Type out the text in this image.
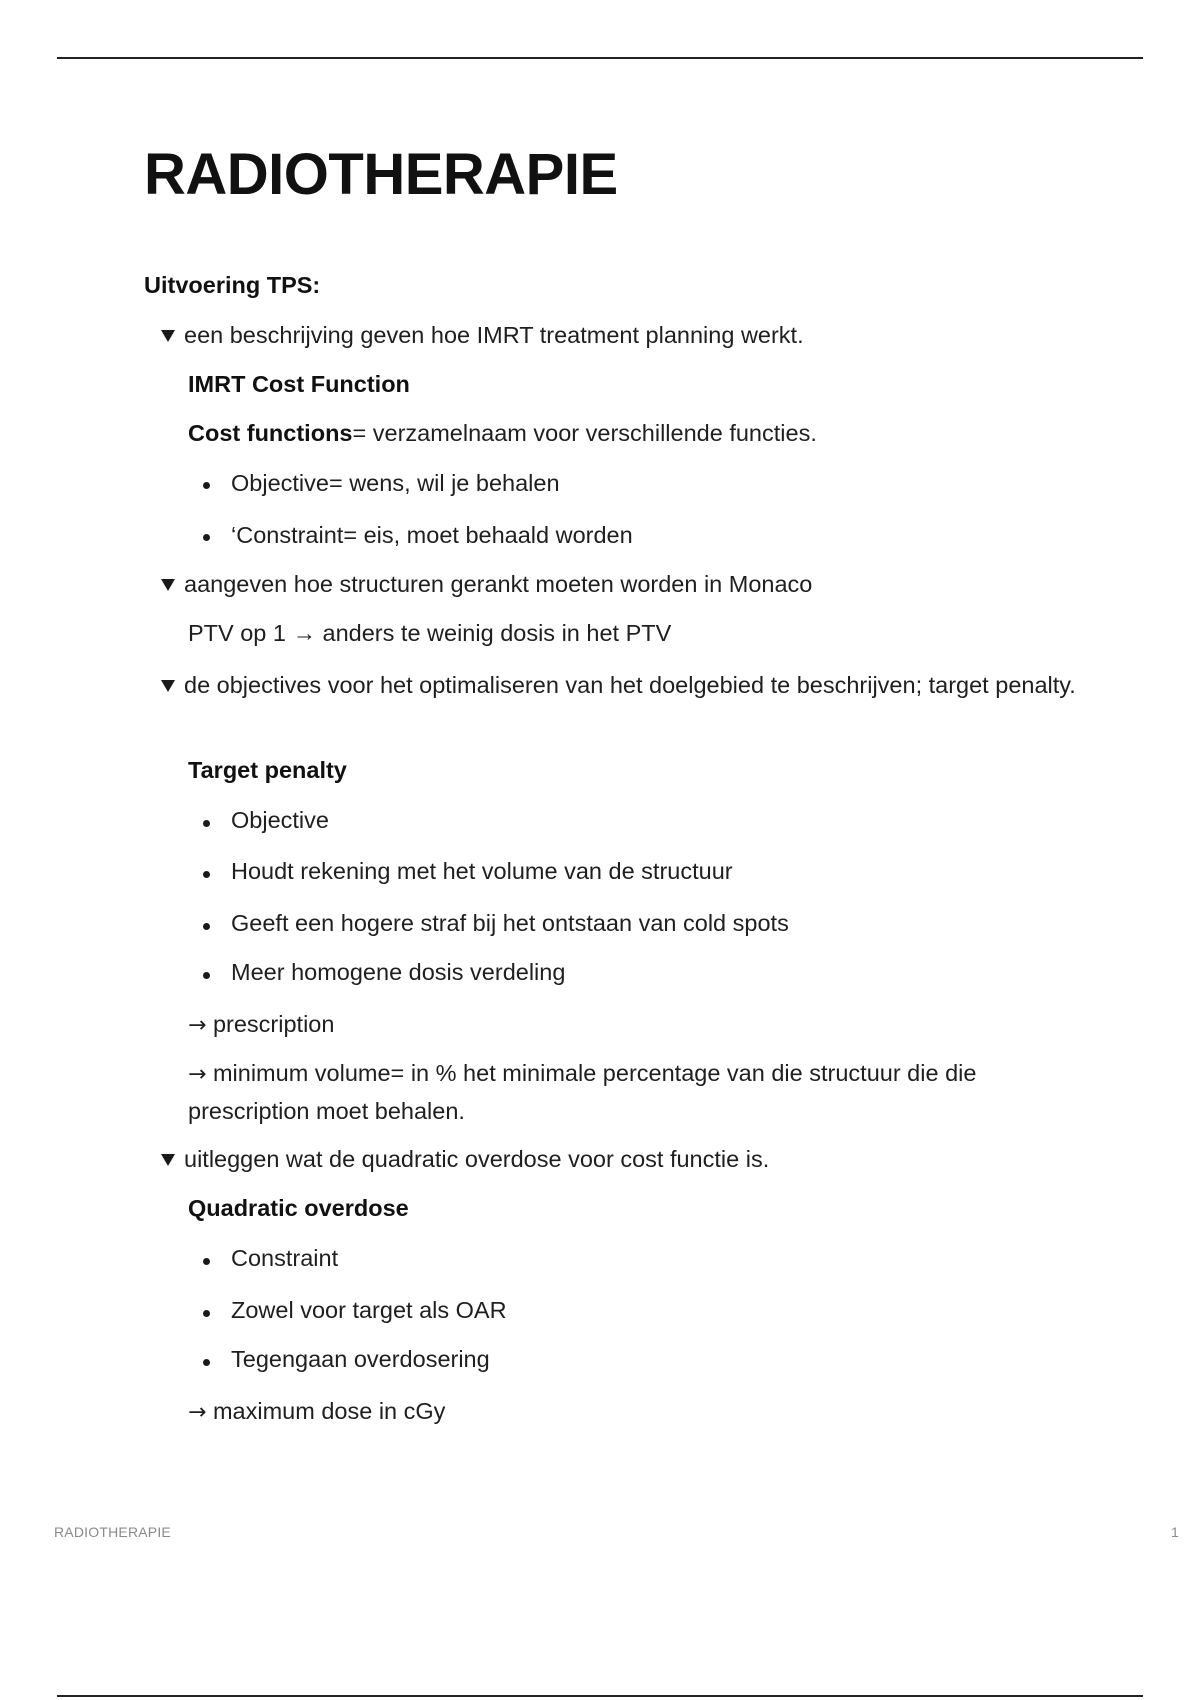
RADIOTHERAPIE
Uitvoering TPS:
een beschrijving geven hoe IMRT treatment planning werkt.
IMRT Cost Function
Cost functions= verzamelnaam voor verschillende functies.
Objective= wens, wil je behalen
‘Constraint= eis, moet behaald worden
aangeven hoe structuren gerankt moeten worden in Monaco
PTV op 1 → anders te weinig dosis in het PTV
de objectives voor het optimaliseren van het doelgebied te beschrijven; target penalty.
Target penalty
Objective
Houdt rekening met het volume van de structuur
Geeft een hogere straf bij het ontstaan van cold spots
Meer homogene dosis verdeling
→ prescription
→ minimum volume= in % het minimale percentage van die structuur die die prescription moet behalen.
uitleggen wat de quadratic overdose voor cost functie is.
Quadratic overdose
Constraint
Zowel voor target als OAR
Tegengaan overdosering
→ maximum dose in cGy
RADIOTHERAPIE	1
